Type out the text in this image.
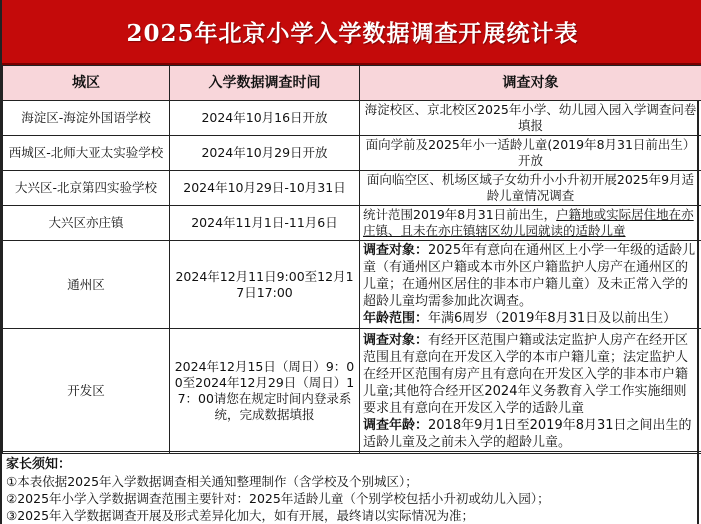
2025年北京小学入学数据调查开展统计表
城区	入学数据调查时间	调查对象
海淀区-海淀外国语学校	2024年10月16日开放	海淀校区、京北校区2025年小学、幼儿园入园入学调查问卷填报
西城区-北师大亚太实验学校	2024年10月29日开放	面向学前及2025年小一适龄儿童(2019年8月31日前出生）开放
大兴区-北京第四实验学校	2024年10月29日-10月31日	面向临空区、机场区域子女幼升小小升初开展2025年9月适龄儿童情况调查
大兴区亦庄镇	2024年11月1日-11月6日	统计范围2019年8月31日前出生，户籍地或实际居住地在亦庄镇、且未在亦庄镇辖区幼儿园就读的适龄儿童
通州区	2024年12月11日9:00至12月17日17:00	调查对象：2025年有意向在通州区上小学一年级的适龄儿童（有通州区户籍或本市外区户籍监护人房产在通州区的儿童；在通州区居住的非本市户籍儿童）及未正常入学的超龄儿童均需参加此次调查。
年龄范围：年满6周岁（2019年8月31日及以前出生）
开发区	2024年12月15日（周日）9：00至2024年12月29日（周日）17：00请您在规定时间内登录系统，完成数据填报	调查对象：有经开区范围户籍或法定监护人房产在经开区范围且有意向在开发区入学的本市户籍儿童；法定监护人在经开区范围有房产且有意向在开发区入学的非本市户籍儿童;其他符合经开区2024年义务教育入学工作实施细则要求且有意向在开发区入学的适龄儿童
调查年龄：2018年9月1日至2019年8月31日之间出生的适龄儿童及之前未入学的超龄儿童。
家长须知：
①本表依据2025年入学数据调查相关通知整理制作（含学校及个别城区）；
②2025年小学入学数据调查范围主要针对：2025年适龄儿童（个别学校包括小升初或幼儿入园）；
③2025年入学数据调查开展及形式差异化加大，如有开展，最终请以实际情况为准；
